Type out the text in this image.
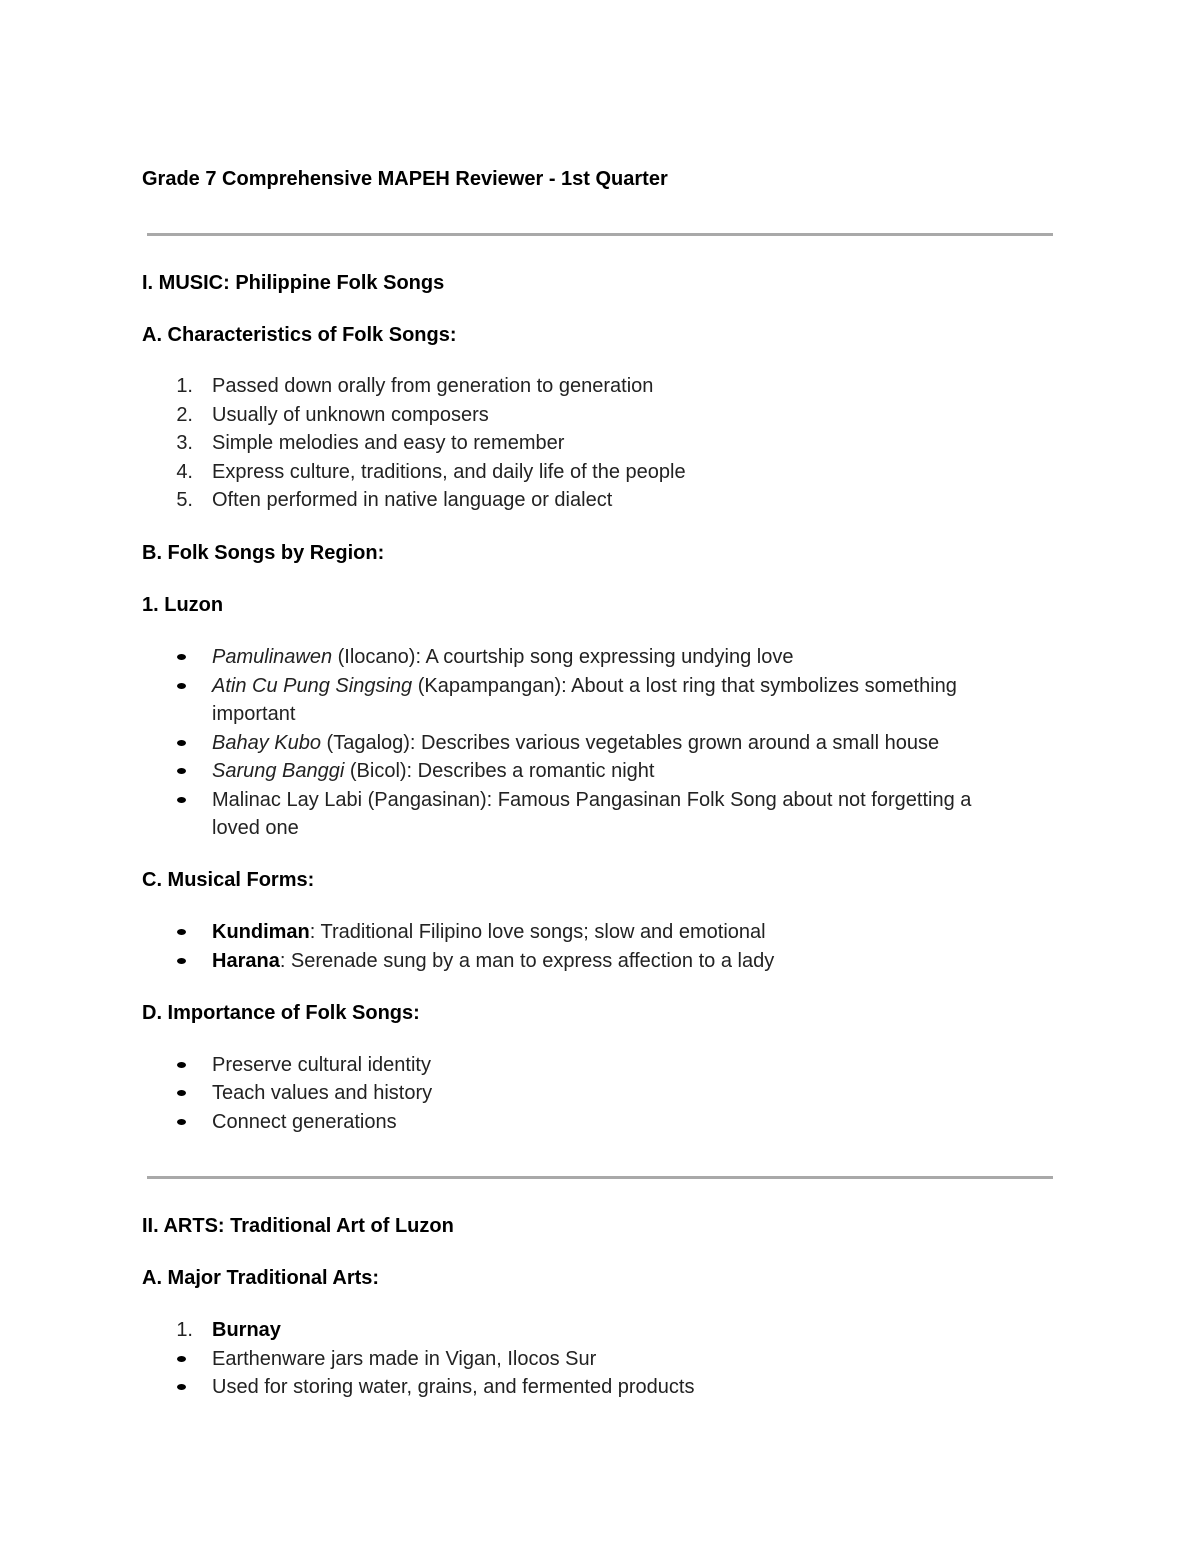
Grade 7 Comprehensive MAPEH Reviewer - 1st Quarter
I. MUSIC: Philippine Folk Songs
A. Characteristics of Folk Songs:
1. Passed down orally from generation to generation
2. Usually of unknown composers
3. Simple melodies and easy to remember
4. Express culture, traditions, and daily life of the people
5. Often performed in native language or dialect
B. Folk Songs by Region:
1. Luzon
Pamulinawen (Ilocano): A courtship song expressing undying love
Atin Cu Pung Singsing (Kapampangan): About a lost ring that symbolizes something
important
Bahay Kubo (Tagalog): Describes various vegetables grown around a small house
Sarung Banggi (Bicol): Describes a romantic night
Malinac Lay Labi (Pangasinan): Famous Pangasinan Folk Song about not forgetting a
loved one
C. Musical Forms:
Kundiman: Traditional Filipino love songs; slow and emotional
Harana: Serenade sung by a man to express affection to a lady
D. Importance of Folk Songs:
Preserve cultural identity
Teach values and history
Connect generations
II. ARTS: Traditional Art of Luzon
A. Major Traditional Arts:
1. Burnay
Earthenware jars made in Vigan, Ilocos Sur
Used for storing water, grains, and fermented products
